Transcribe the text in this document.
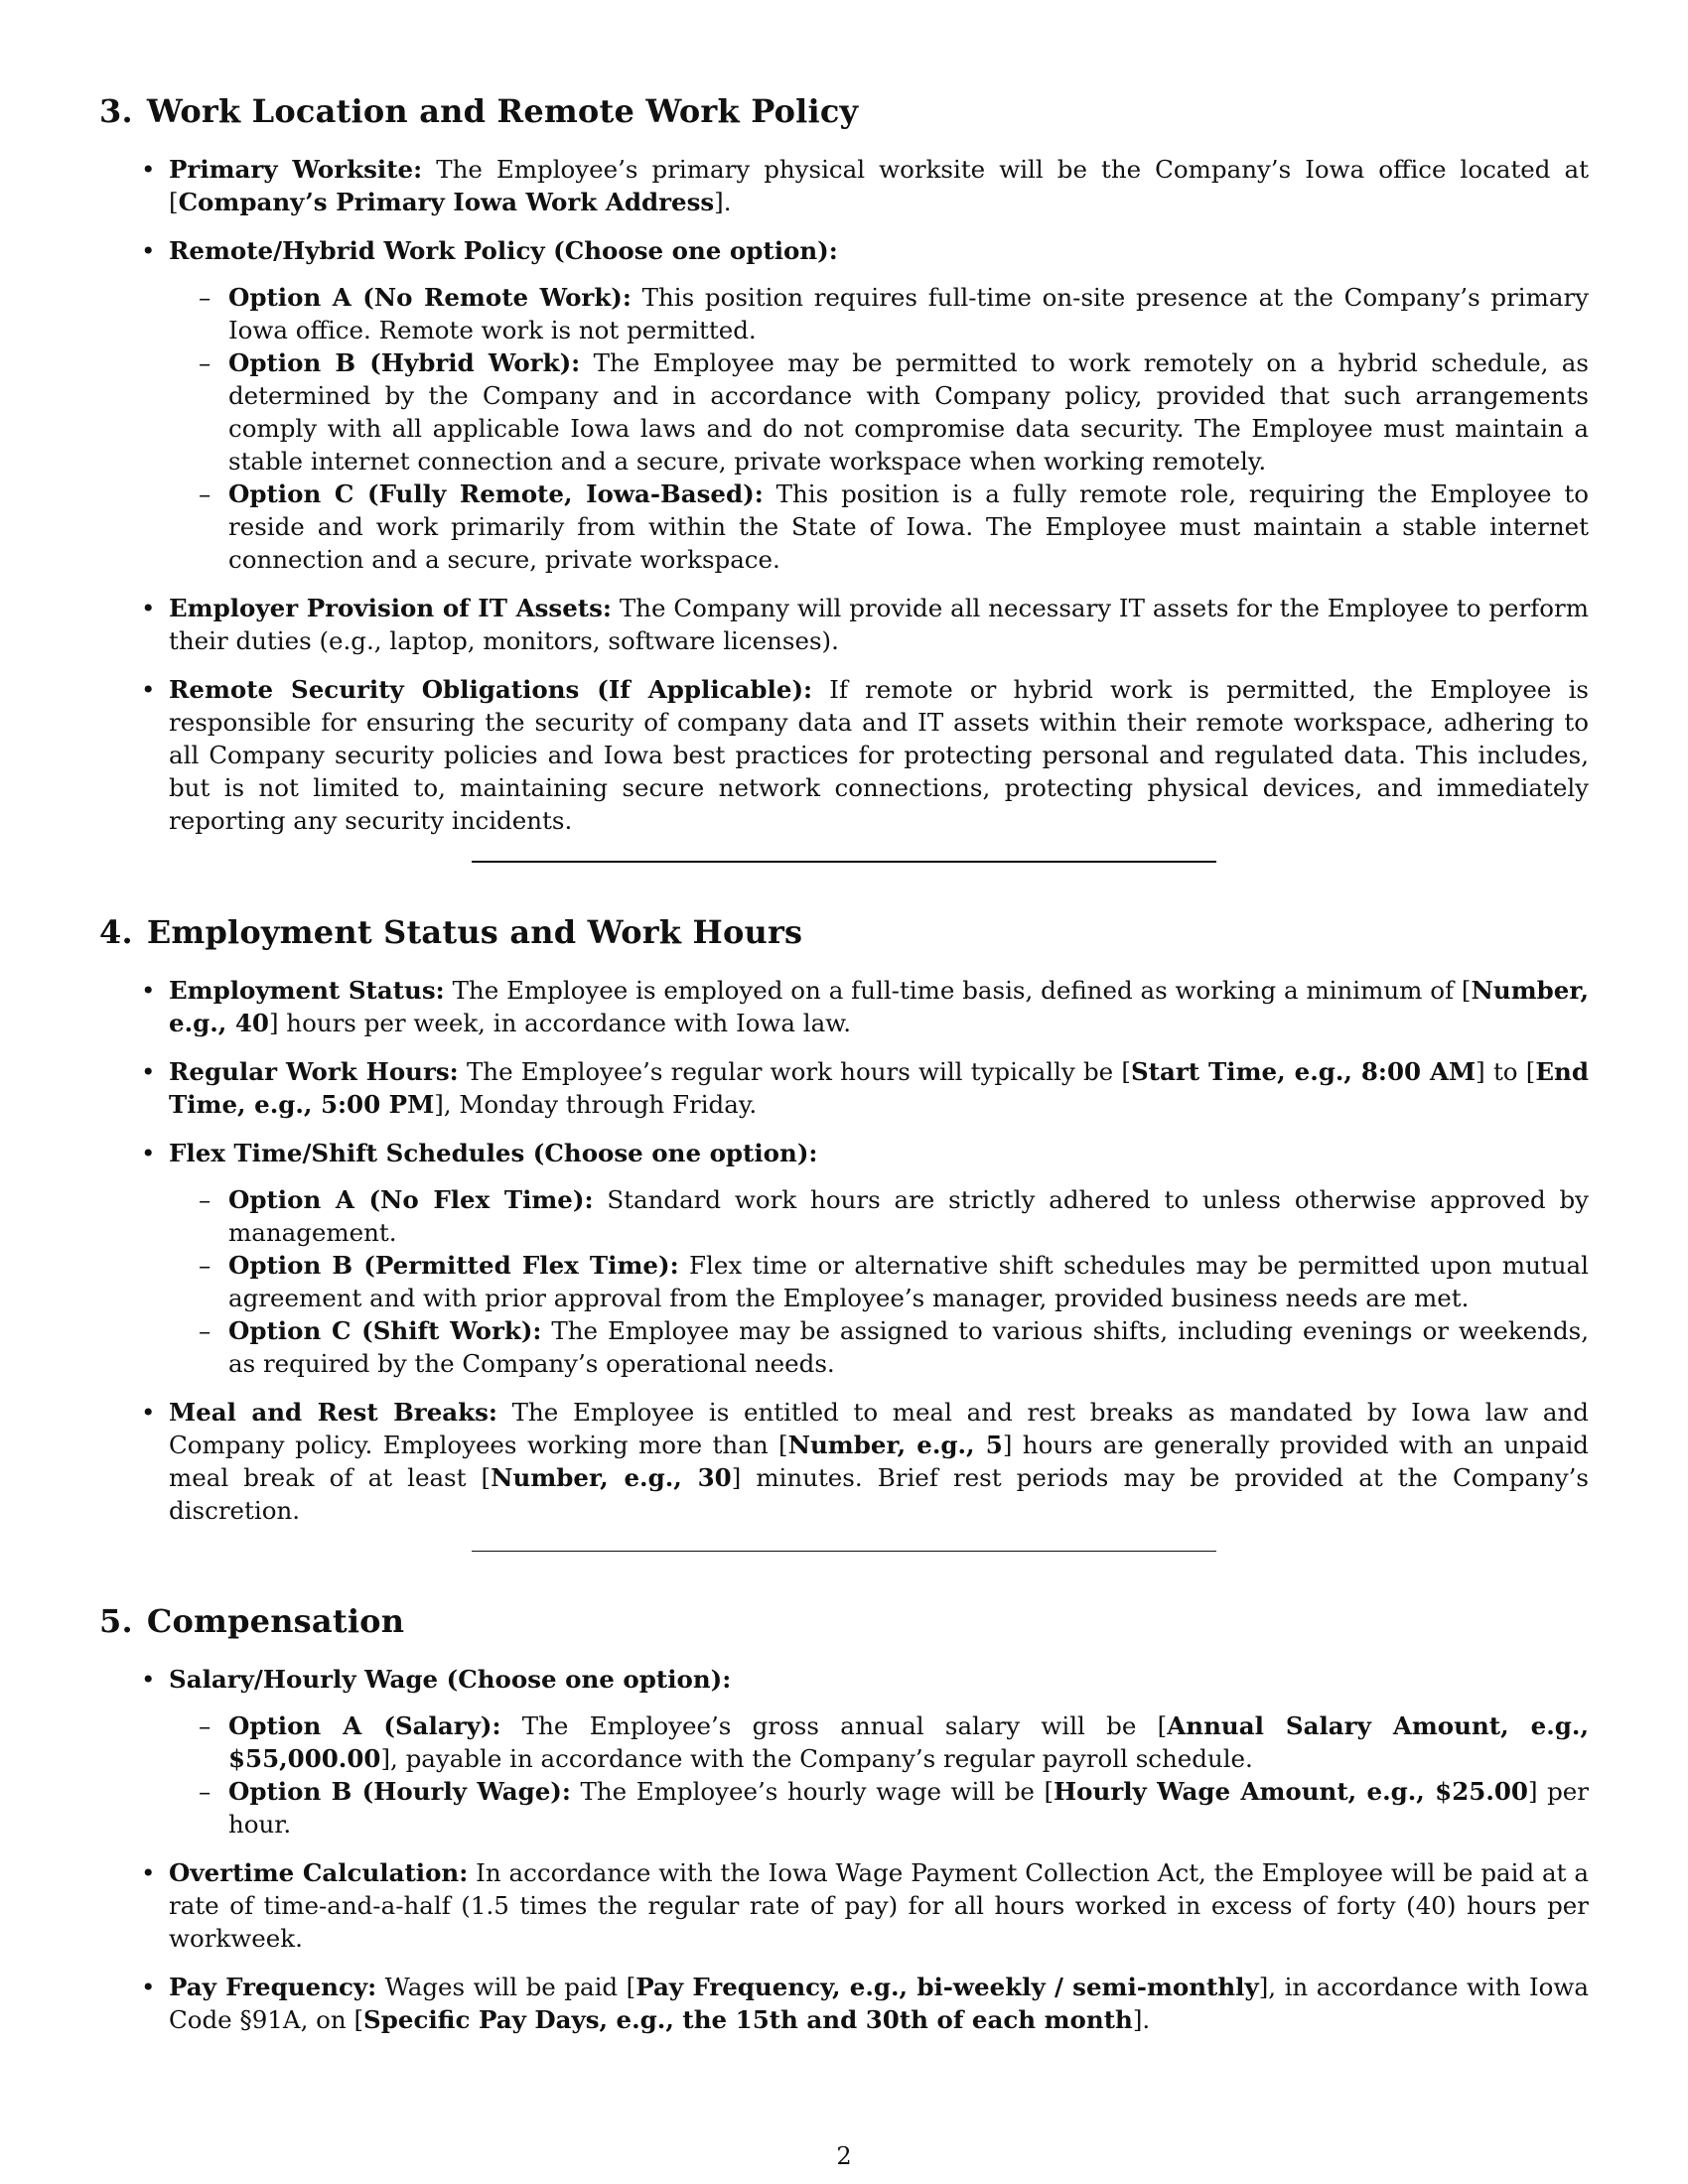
3. Work Location and Remote Work Policy
• Primary Worksite: The Employee’s primary physical worksite will be the Company’s Iowa office located at [Company’s Primary Iowa Work Address].
• Remote/Hybrid Work Policy (Choose one option):
– Option A (No Remote Work): This position requires full-time on-site presence at the Company’s primary Iowa office. Remote work is not permitted.
– Option B (Hybrid Work): The Employee may be permitted to work remotely on a hybrid schedule, as determined by the Company and in accordance with Company policy, provided that such arrangements comply with all applicable Iowa laws and do not compromise data security. The Employee must maintain a stable internet connection and a secure, private workspace when working remotely.
– Option C (Fully Remote, Iowa-Based): This position is a fully remote role, requiring the Employee to reside and work primarily from within the State of Iowa. The Employee must maintain a stable internet connection and a secure, private workspace.
• Employer Provision of IT Assets: The Company will provide all necessary IT assets for the Employee to perform their duties (e.g., laptop, monitors, software licenses).
• Remote Security Obligations (If Applicable): If remote or hybrid work is permitted, the Employee is responsible for ensuring the security of company data and IT assets within their remote workspace, adhering to all Company security policies and Iowa best practices for protecting personal and regulated data. This includes, but is not limited to, maintaining secure network connections, protecting physical devices, and immediately reporting any security incidents.
4. Employment Status and Work Hours
• Employment Status: The Employee is employed on a full-time basis, defined as working a minimum of [Number, e.g., 40] hours per week, in accordance with Iowa law.
• Regular Work Hours: The Employee’s regular work hours will typically be [Start Time, e.g., 8:00 AM] to [End Time, e.g., 5:00 PM], Monday through Friday.
• Flex Time/Shift Schedules (Choose one option):
– Option A (No Flex Time): Standard work hours are strictly adhered to unless otherwise approved by management.
– Option B (Permitted Flex Time): Flex time or alternative shift schedules may be permitted upon mutual agreement and with prior approval from the Employee’s manager, provided business needs are met.
– Option C (Shift Work): The Employee may be assigned to various shifts, including evenings or weekends, as required by the Company’s operational needs.
• Meal and Rest Breaks: The Employee is entitled to meal and rest breaks as mandated by Iowa law and Company policy. Employees working more than [Number, e.g., 5] hours are generally provided with an unpaid meal break of at least [Number, e.g., 30] minutes. Brief rest periods may be provided at the Company’s discretion.
5. Compensation
• Salary/Hourly Wage (Choose one option):
– Option A (Salary): The Employee’s gross annual salary will be [Annual Salary Amount, e.g., $55,000.00], payable in accordance with the Company’s regular payroll schedule.
– Option B (Hourly Wage): The Employee’s hourly wage will be [Hourly Wage Amount, e.g., $25.00] per hour.
• Overtime Calculation: In accordance with the Iowa Wage Payment Collection Act, the Employee will be paid at a rate of time-and-a-half (1.5 times the regular rate of pay) for all hours worked in excess of forty (40) hours per workweek.
• Pay Frequency: Wages will be paid [Pay Frequency, e.g., bi-weekly / semi-monthly], in accordance with Iowa Code §91A, on [Specific Pay Days, e.g., the 15th and 30th of each month].
2
